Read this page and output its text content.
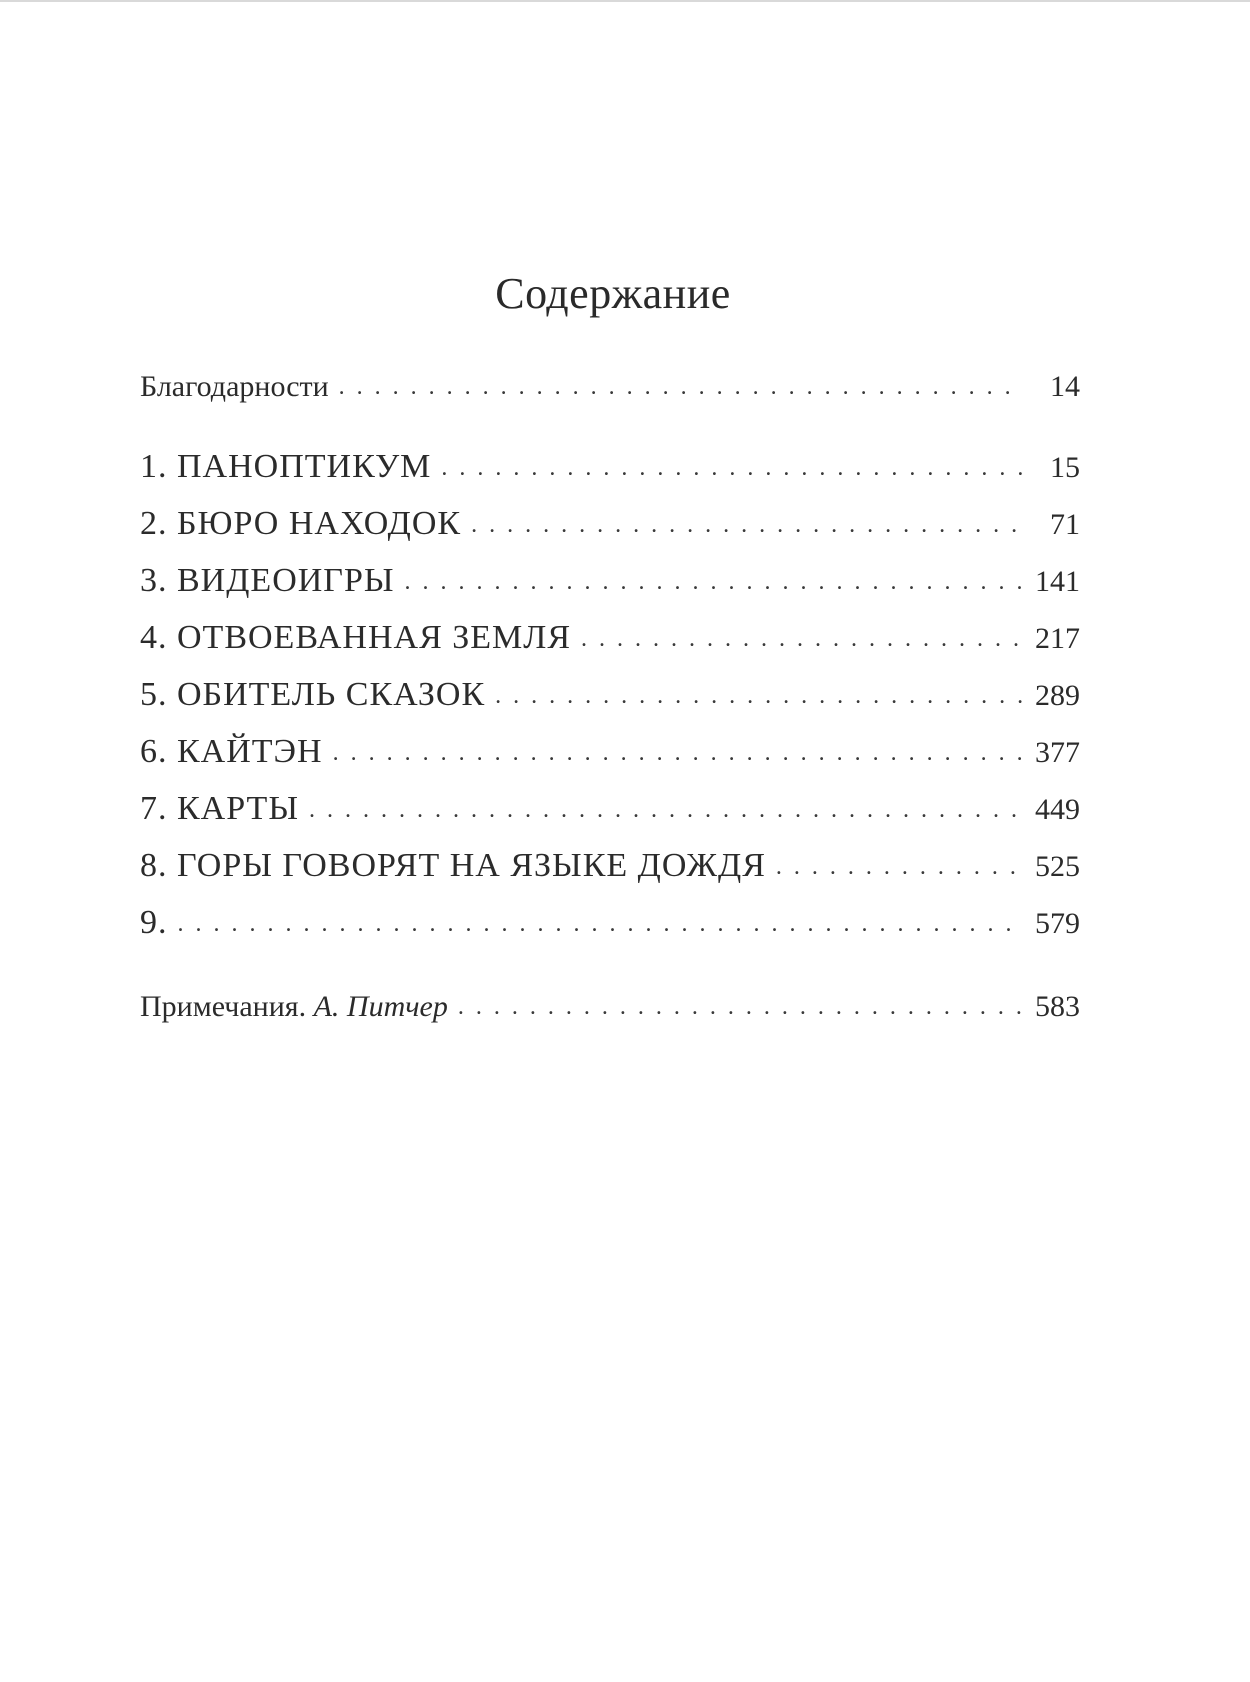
Содержание
Благодарности . . .	14
1. ПАНОПТИКУМ . . .	15
2. БЮРО НАХОДОК . . .	71
3. ВИДЕОИГРЫ . . .	141
4. ОТВОЕВАННАЯ ЗЕМЛЯ . . .	217
5. ОБИТЕЛЬ СКАЗОК . . .	289
6. КАЙТЭН . . .	377
7. КАРТЫ . . .	449
8. ГОРЫ ГОВОРЯТ НА ЯЗЫКЕ ДОЖДЯ . . .	525
9. . . .	579
Примечания. А. Питчер . . .	583
